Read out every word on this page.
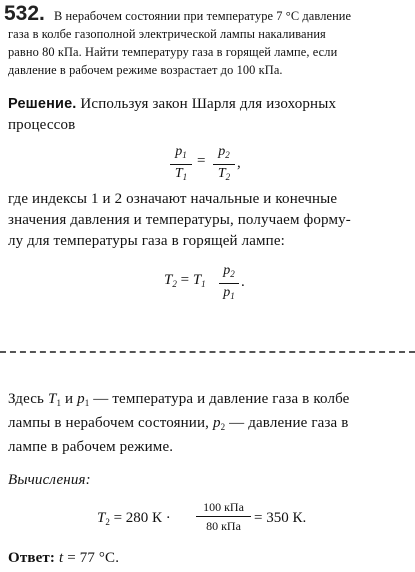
532. В нерабочем состоянии при температуре 7 °С давление
газа в колбе газополной электрической лампы накаливания
равно 80 кПа. Найти температуру газа в горящей лампе, если
давление в рабочем режиме возрастает до 100 кПа.
Решение. Используя закон Шарля для изохорных
процессов
$p_1$
$T_1$
=
$p_2$
$T_2$
,
где индексы 1 и 2 означают начальные и конечные
значения давления и температуры, получаем форму-
лу для температуры газа в горящей лампе:
$T_2 = T_1$
$p_2$
$p_1$
.
Здесь $T_1$ и $p_1$ — температура и давление газа в колбе
лампы в нерабочем состоянии, $p_2$ — давление газа в
лампе в рабочем режиме.
Вычисления:
$T_2 = 280$ К ·
100 кПа
80 кПа = 350 К.
Ответ: t = 77 °С.
